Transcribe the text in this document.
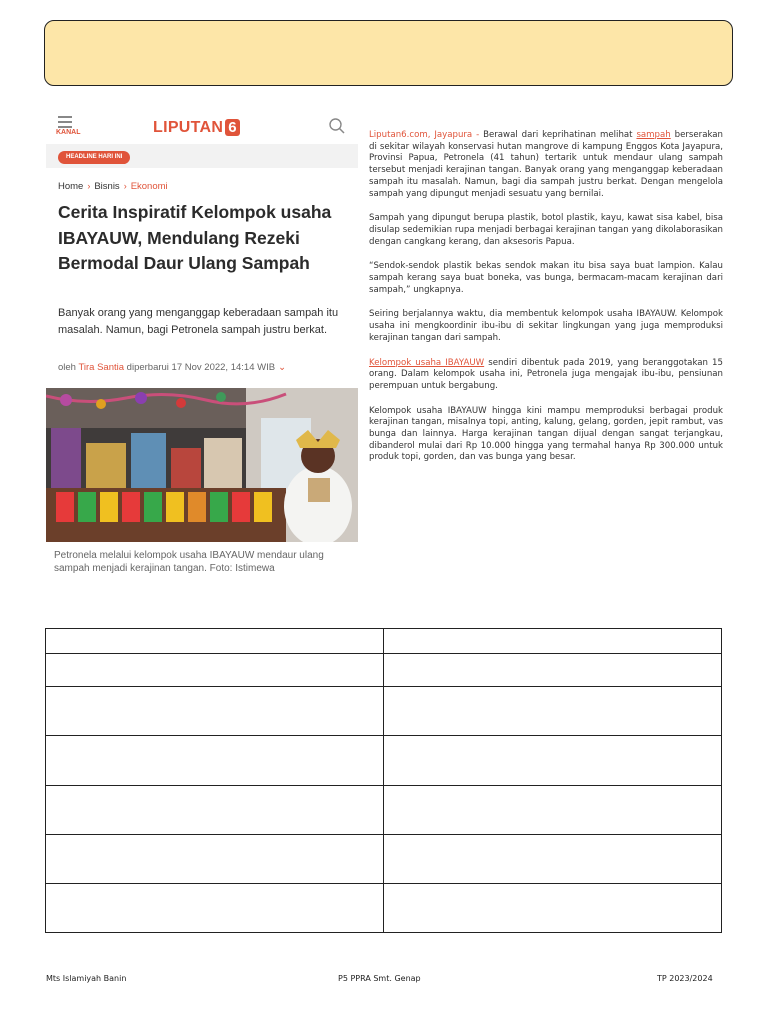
KANAL	LIPUTAN 6
HEADLINE HARI INI
Home › Bisnis › Ekonomi
Cerita Inspiratif Kelompok usaha IBAYAUW, Mendulang Rezeki Bermodal Daur Ulang Sampah
Banyak orang yang menganggap keberadaan sampah itu masalah. Namun, bagi Petronela sampah justru berkat.
oleh Tira Santia diperbarui 17 Nov 2022, 14:14 WIB ⌄
Petronela melalui kelompok usaha IBAYAUW mendaur ulang sampah menjadi kerajinan tangan. Foto: Istimewa

Liputan6.com, Jayapura - Berawal dari keprihatinan melihat sampah berserakan di sekitar wilayah konservasi hutan mangrove di kampung Enggos Kota Jayapura, Provinsi Papua, Petronela (41 tahun) tertarik untuk mendaur ulang sampah tersebut menjadi kerajinan tangan. Banyak orang yang menganggap keberadaan sampah itu masalah. Namun, bagi dia sampah justru berkat. Dengan mengelola sampah yang dipungut menjadi sesuatu yang bernilai.

Sampah yang dipungut berupa plastik, botol plastik, kayu, kawat sisa kabel, bisa disulap sedemikian rupa menjadi berbagai kerajinan tangan yang dikolaborasikan dengan cangkang kerang, dan aksesoris Papua.

“Sendok-sendok plastik bekas sendok makan itu bisa saya buat lampion. Kalau sampah kerang saya buat boneka, vas bunga, bermacam-macam kerajinan dari sampah,” ungkapnya.

Seiring berjalannya waktu, dia membentuk kelompok usaha IBAYAUW. Kelompok usaha ini mengkoordinir ibu-ibu di sekitar lingkungan yang juga memproduksi kerajinan tangan dari sampah.

Kelompok usaha IBAYAUW sendiri dibentuk pada 2019, yang beranggotakan 15 orang. Dalam kelompok usaha ini, Petronela juga mengajak ibu-ibu, pensiunan perempuan untuk bergabung.

Kelompok usaha IBAYAUW hingga kini mampu memproduksi berbagai produk kerajinan tangan, misalnya topi, anting, kalung, gelang, gorden, jepit rambut, vas bunga dan lainnya. Harga kerajinan tangan dijual dengan sangat terjangkau, dibanderol mulai dari Rp 10.000 hingga yang termahal hanya Rp 300.000 untuk produk topi, gorden, dan vas bunga yang besar.

Mts Islamiyah Banin	P5 PPRA Smt. Genap	TP 2023/2024
